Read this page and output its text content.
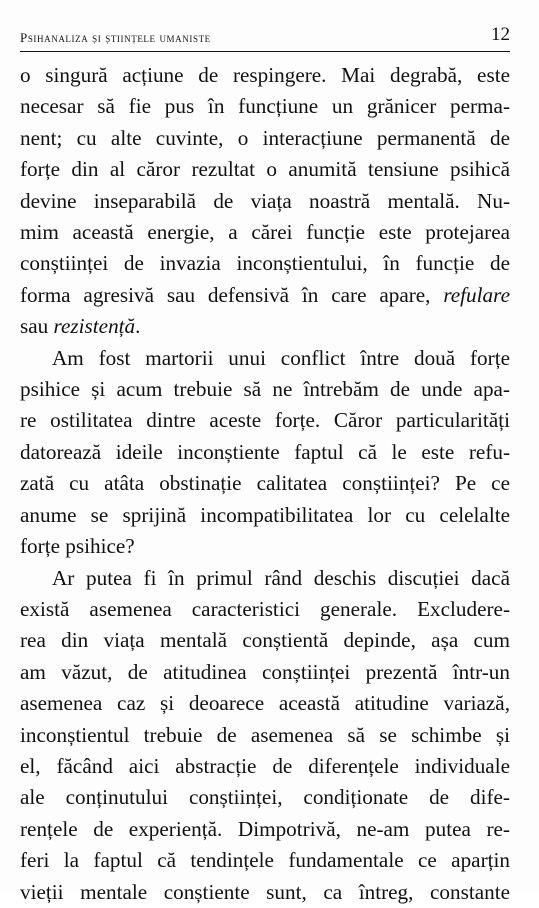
Psihanaliza și științele umaniste	12

o singură acțiune de respingere. Mai degrabă, este
necesar să fie pus în funcțiune un grănicer perma-
nent; cu alte cuvinte, o interacțiune permanentă de
forțe din al căror rezultat o anumită tensiune psihică
devine inseparabilă de viața noastră mentală. Nu-
mim această energie, a cărei funcție este protejarea
conștiinței de invazia inconștientului, în funcție de
forma agresivă sau defensivă în care apare, refulare
sau rezistență.

Am fost martorii unui conflict între două forțe
psihice și acum trebuie să ne întrebăm de unde apa-
re ostilitatea dintre aceste forțe. Căror particularități
datorează ideile inconștiente faptul că le este refu-
zată cu atâta obstinație calitatea conștiinței? Pe ce
anume se sprijină incompatibilitatea lor cu celelalte
forțe psihice?

Ar putea fi în primul rând deschis discuției dacă
există asemenea caracteristici generale. Excludere-
rea din viața mentală conștientă depinde, așa cum
am văzut, de atitudinea conștiinței prezentă într-un
asemenea caz și deoarece această atitudine variază,
inconștientul trebuie de asemenea să se schimbe și
el, făcând aici abstracție de diferențele individuale
ale conținutului conștiinței, condiționate de dife-
rențele de experiență. Dimpotrivă, ne-am putea re-
feri la faptul că tendințele fundamentale ce aparțin
vieții mentale conștiente sunt, ca întreg, constante
